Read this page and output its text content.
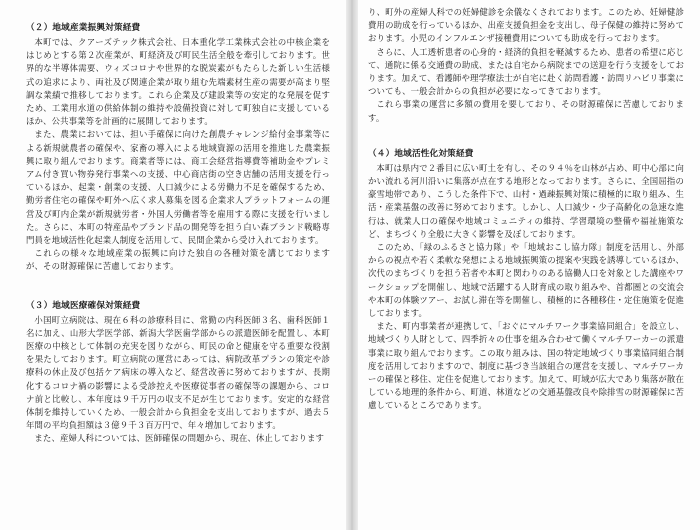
（２）地域産業振興対策経費

本町では、クアーズテック株式会社、日本重化学工業株式会社の中核企業をはじめとする第２次産業が、町経済及び町民生活全般を牽引しております。世界的な半導体需要、ウィズコロナや世界的な脱炭素がもたらした新しい生活様式の追求により、両社及び関連企業が取り組む先端素材生産の需要が高まり堅調な業績で推移しております。これら企業及び建設業等の安定的な発展を促すため、工業用水道の供給体制の維持や設備投資に対して町独自に支援しているほか、公共事業等を計画的に展開しております。

また、農業においては、担い手確保に向けた創農チャレンジ給付金事業等による新規就農者の確保や、家畜の導入による地域資源の活用を推進した農業振興に取り組んでおります。商業者等には、商工会経営指導費等補助金やプレミアム付き買い物券発行事業への支援、中心商店街の空き店舗の活用支援を行っているほか、起業・創業の支援、人口減少による労働力不足を確保するため、勤労者住宅の確保や町外へ広く求人募集を図る企業求人プラットフォームの運営及び町内企業が新規就労者・外国人労働者等を雇用する際に支援を行いました。さらに、本町の特産品やブランド品の開発等を担う白い森ブランド戦略専門員を地域活性化起業人制度を活用して、民間企業から受け入れております。

これらの様々な地域産業の振興に向けた独自の各種対策を講じておりますが、その財源確保に苦慮しております。

（３）地域医療確保対策経費

小国町立病院は、現在６科の診療科目に、常勤の内科医師３名、歯科医師１名に加え、山形大学医学部、新潟大学医歯学部からの派遣医師を配置し、本町医療の中核として体制の充実を図りながら、町民の命と健康を守る重要な役割を果たしております。町立病院の運営にあっては、病院改革プランの策定や診療科の休止及び包括ケア病床の導入など、経営改善に努めておりますが、長期化するコロナ禍の影響による受診控えや医療従事者の確保等の課題から、コロナ前と比較し、本年度は９千万円の収支不足が生じております。安定的な経営体制を維持していくため、一般会計から負担金を支出しておりますが、過去５年間の平均負担額は３億９千３百万円で、年々増加しております。

また、産婦人科については、医師確保の問題から、現在、休止しております

り、町外の産婦人科での妊婦健診を余儀なくされております。このため、妊婦健診費用の助成を行っているほか、出産支援負担金を支出し、母子保健の維持に努めております。小児のインフルエンザ接種費用についても助成を行っております。

さらに、人工透析患者の心身的・経済的負担を軽減するため、患者の希望に応じて、通院に係る交通費の助成、または自宅から病院までの送迎を行う支援をしております。加えて、看護師や理学療法士が自宅に赴く訪問看護・訪問リハビリ事業についても、一般会計からの負担が必要になってきております。

これら事業の運営に多額の費用を要しており、その財源確保に苦慮しております。

（４）地域活性化対策経費

本町は県内で２番目に広い町土を有し、その９４％を山林が占め、町中心部に向かい流れる河川沿いに集落が点在する地形となっております。さらに、全国屈指の豪雪地帯であり、こうした条件下で、山村・過疎振興対策に積極的に取り組み、生活・産業基盤の改善に努めております。しかし、人口減少・少子高齢化の急速な進行は、就業人口の確保や地域コミュニティの維持、学習環境の整備や福祉施策など、まちづくり全般に大きく影響を及ぼしております。

このため、「緑のふるさと協力隊」や「地域おこし協力隊」制度を活用し、外部からの視点や若く柔軟な発想による地域振興策の提案や実践を誘導しているほか、次代のまちづくりを担う若者や本町と関わりのある協働人口を対象とした講座やワークショップを開催し、地域で活躍する人財育成の取り組みや、首都圏との交流会や本町の体験ツアー、お試し滞在等を開催し、積極的に各種移住・定住施策を促進しております。

また、町内事業者が連携して、「おぐにマルチワーク事業協同組合」を設立し、地域づくり人財として、四季折々の仕事を組み合わせて働くマルチワーカーの派遣事業に取り組んでおります。この取り組みは、国の特定地域づくり事業協同組合制度を活用しておりますので、制度に基づき当該組合の運営を支援し、マルチワーカーの確保と移住、定住を促進しております。加えて、町域が広大であり集落が散在している地理的条件から、町道、林道などの交通基盤改良や除排雪の財源確保に苦慮しているところであります。
